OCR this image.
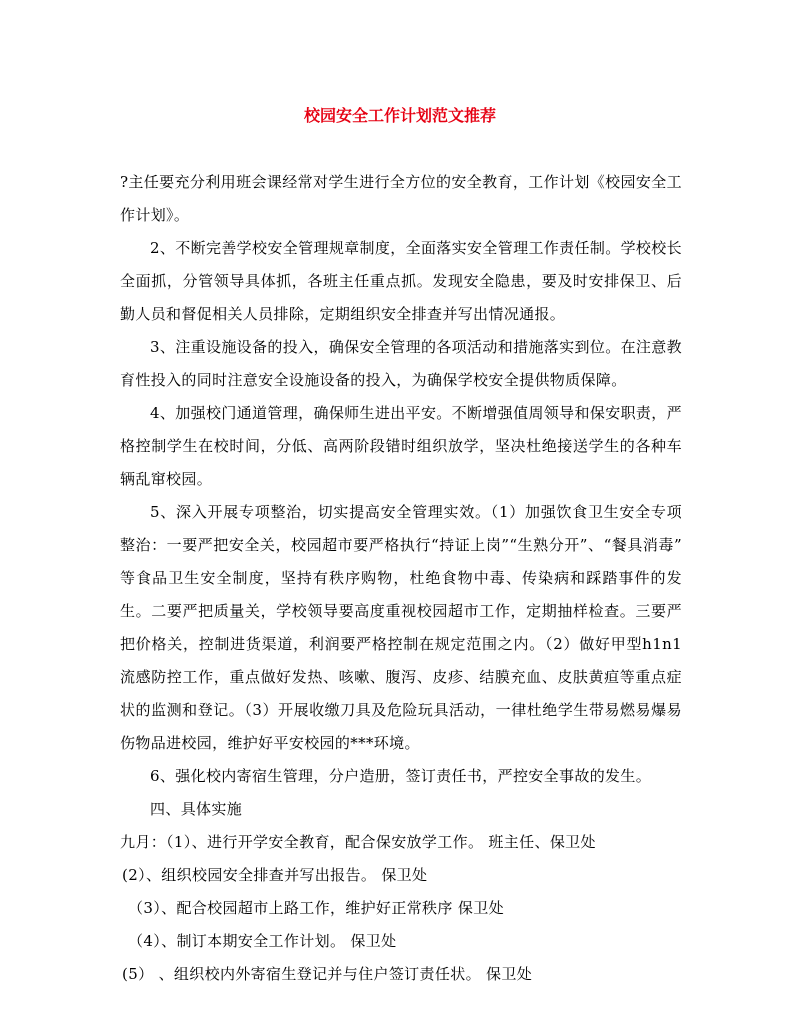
校园安全工作计划范文推荐

?主任要充分利用班会课经常对学生进行全方位的安全教育，工作计划《校园安全工作计划》。

2、不断完善学校安全管理规章制度，全面落实安全管理工作责任制。学校校长全面抓，分管领导具体抓，各班主任重点抓。发现安全隐患，要及时安排保卫、后勤人员和督促相关人员排除，定期组织安全排查并写出情况通报。

3、注重设施设备的投入，确保安全管理的各项活动和措施落实到位。在注意教育性投入的同时注意安全设施设备的投入，为确保学校安全提供物质保障。

4、加强校门通道管理，确保师生进出平安。不断增强值周领导和保安职责，严格控制学生在校时间，分低、高两阶段错时组织放学，坚决杜绝接送学生的各种车辆乱窜校园。

5、深入开展专项整治，切实提高安全管理实效。（1）加强饮食卫生安全专项整治：一要严把安全关，校园超市要严格执行“持证上岗”“生熟分开”、“餐具消毒” 等食品卫生安全制度，坚持有秩序购物，杜绝食物中毒、传染病和踩踏事件的发生。二要严把质量关，学校领导要高度重视校园超市工作，定期抽样检查。三要严把价格关，控制进货渠道，利润要严格控制在规定范围之内。（2）做好甲型h1n1流感防控工作，重点做好发热、咳嗽、腹泻、皮疹、结膜充血、皮肤黄疸等重点症状的监测和登记。（3）开展收缴刀具及危险玩具活动，一律杜绝学生带易燃易爆易伤物品进校园，维护好平安校园的***环境。

6、强化校内寄宿生管理，分户造册，签订责任书，严控安全事故的发生。

四、具体实施

九月：（1）、进行开学安全教育，配合保安放学工作。 班主任、保卫处

(2）、组织校园安全排查并写出报告。 保卫处

（3）、配合校园超市上路工作，维护好正常秩序 保卫处

（4）、制订本期安全工作计划。 保卫处

(5） 、组织校内外寄宿生登记并与住户签订责任状。 保卫处
